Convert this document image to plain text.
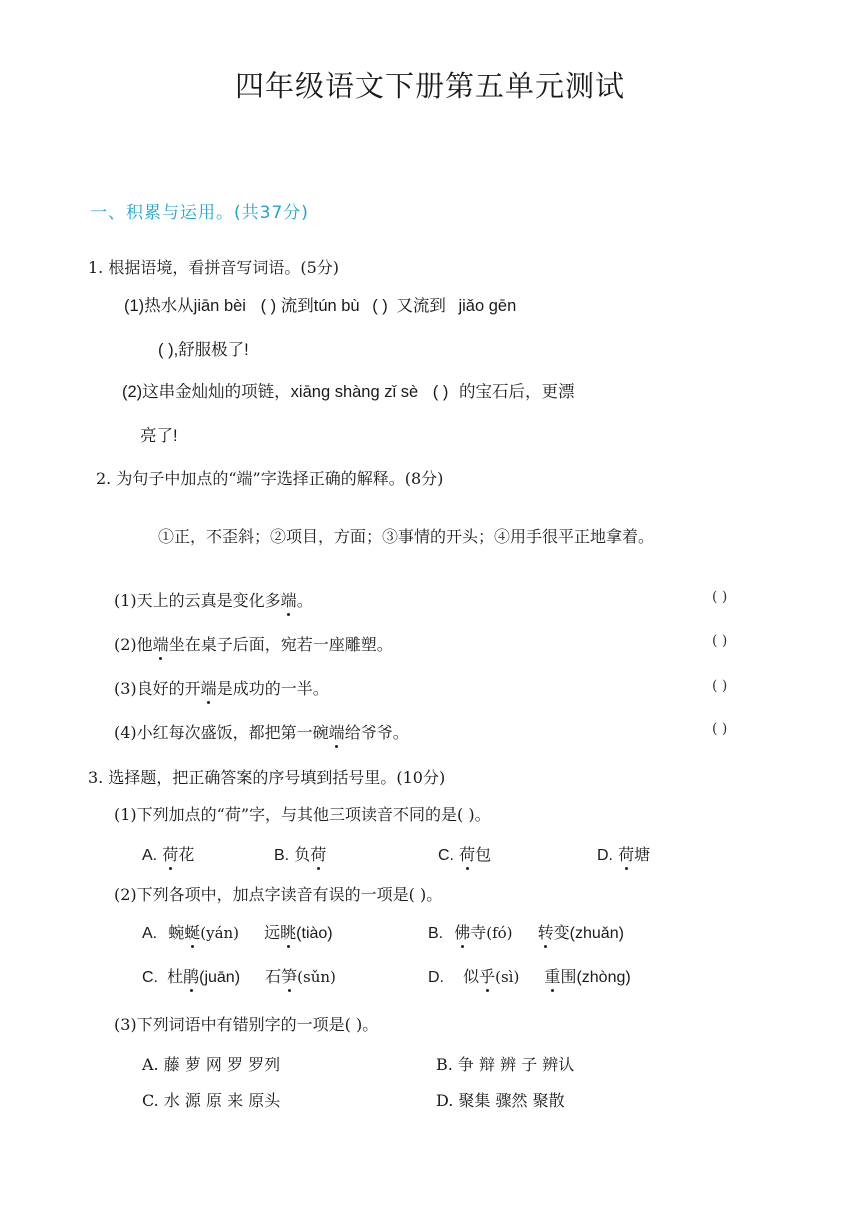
四年级语文下册第五单元测试
一、积累与运用。(共37分)
1. 根据语境，看拼音写词语。(5分)
(1)热水从jiān bèi ( ) 流到tún bù ( ) 又流到 jiǎo gēn
( ),舒服极了!
(2)这串金灿灿的项链，xiāng shàng zǐ sè ( ) 的宝石后，更漂
亮了!
2. 为句子中加点的“端”字选择正确的解释。(8分)
①正，不歪斜；②项目，方面；③事情的开头；④用手很平正地拿着。
(1)天上的云真是变化多端。	( )
(2)他端坐在桌子后面，宛若一座雕塑。	( )
(3)良好的开端是成功的一半。	( )
(4)小红每次盛饭，都把第一碗端给爷爷。	( )
3. 选择题，把正确答案的序号填到括号里。(10分)
(1)下列加点的“荷”字，与其他三项读音不同的是( )。
A. 荷花	B. 负荷	C. 荷包	D. 荷塘
(2)下列各项中，加点字读音有误的一项是( )。
A. 蜿蜒(yán) 远眺(tiào)	B. 佛寺(fó) 转变(zhuǎn)
C. 杜鹃(juān) 石笋(sǔn)	D. 似乎(sì) 重围(zhòng)
(3)下列词语中有错别字的一项是( )。
A. 藤 萝 网 罗 罗列	B. 争 辩 辨 子 辨认
C. 水 源 原 来 原头	D. 聚集 骤然 聚散
